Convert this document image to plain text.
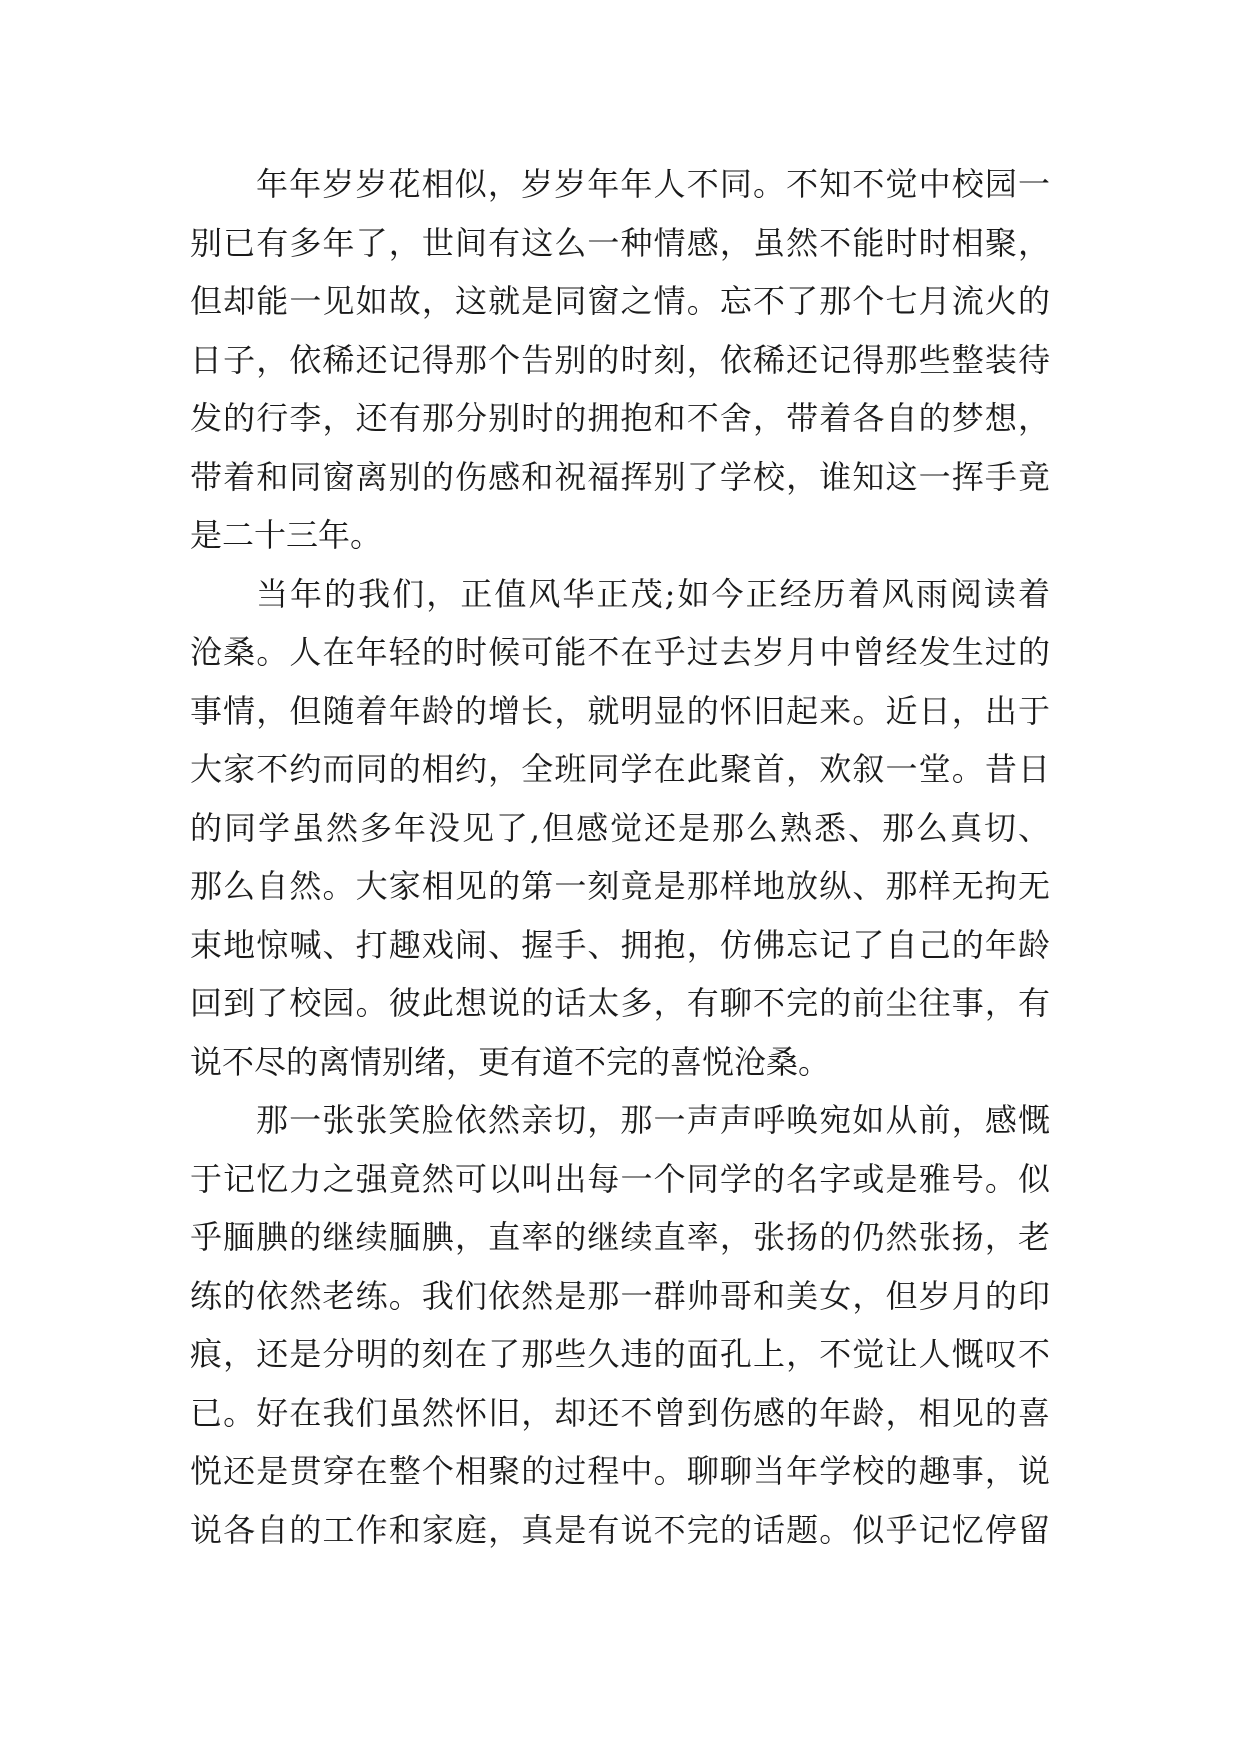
年年岁岁花相似，岁岁年年人不同。不知不觉中校园一
别已有多年了，世间有这么一种情感，虽然不能时时相聚，
但却能一见如故，这就是同窗之情。忘不了那个七月流火的
日子，依稀还记得那个告别的时刻，依稀还记得那些整装待
发的行李，还有那分别时的拥抱和不舍，带着各自的梦想，
带着和同窗离别的伤感和祝福挥别了学校，谁知这一挥手竟
是二十三年。
当年的我们，正值风华正茂;如今正经历着风雨阅读着
沧桑。人在年轻的时候可能不在乎过去岁月中曾经发生过的
事情，但随着年龄的增长，就明显的怀旧起来。近日，出于
大家不约而同的相约，全班同学在此聚首，欢叙一堂。昔日
的同学虽然多年没见了,但感觉还是那么熟悉、那么真切、
那么自然。大家相见的第一刻竟是那样地放纵、那样无拘无
束地惊喊、打趣戏闹、握手、拥抱，仿佛忘记了自己的年龄
回到了校园。彼此想说的话太多，有聊不完的前尘往事，有
说不尽的离情别绪，更有道不完的喜悦沧桑。
那一张张笑脸依然亲切，那一声声呼唤宛如从前，感慨
于记忆力之强竟然可以叫出每一个同学的名字或是雅号。似
乎腼腆的继续腼腆，直率的继续直率，张扬的仍然张扬，老
练的依然老练。我们依然是那一群帅哥和美女，但岁月的印
痕，还是分明的刻在了那些久违的面孔上，不觉让人慨叹不
已。好在我们虽然怀旧，却还不曾到伤感的年龄，相见的喜
悦还是贯穿在整个相聚的过程中。聊聊当年学校的趣事，说
说各自的工作和家庭，真是有说不完的话题。似乎记忆停留
